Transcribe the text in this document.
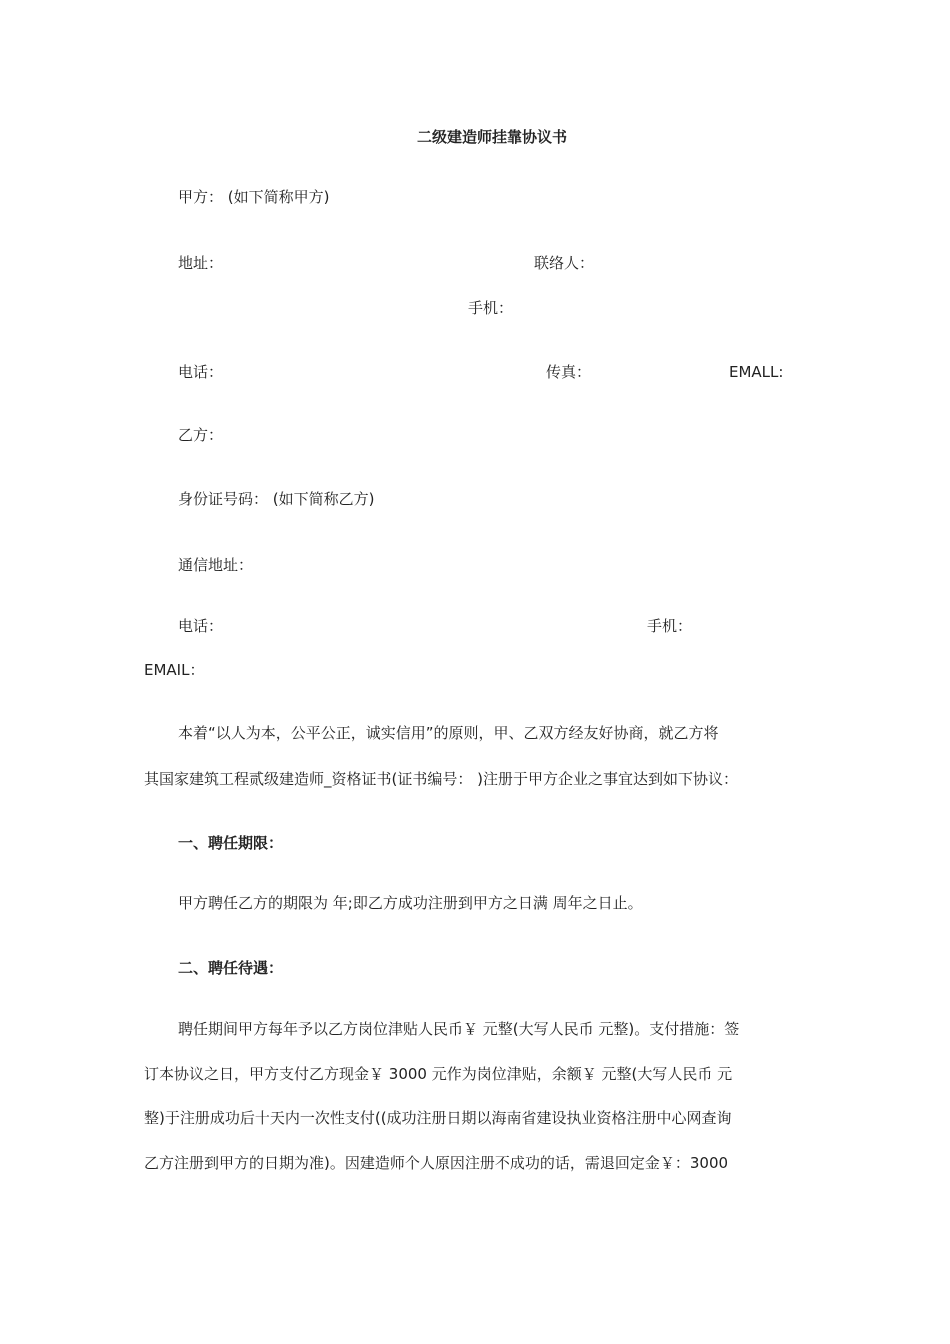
二级建造师挂靠协议书
甲方： (如下简称甲方)
地址：	联络人：
手机：
电话：	传真：	EMALL:
乙方：
身份证号码： (如下简称乙方)
通信地址：
电话：	手机：
EMAIL：
本着“以人为本，公平公正，诚实信用”的原则，甲、乙双方经友好协商，就乙方将
其国家建筑工程贰级建造师_资格证书(证书编号： )注册于甲方企业之事宜达到如下协议：
一、聘任期限：
甲方聘任乙方的期限为 年;即乙方成功注册到甲方之日满 周年之日止。
二、聘任待遇：
聘任期间甲方每年予以乙方岗位津贴人民币￥ 元整(大写人民币 元整)。支付措施：签
订本协议之日，甲方支付乙方现金￥ 3000 元作为岗位津贴，余额￥ 元整(大写人民币 元
整)于注册成功后十天内一次性支付((成功注册日期以海南省建设执业资格注册中心网查询
乙方注册到甲方的日期为准)。因建造师个人原因注册不成功的话，需退回定金￥：3000
